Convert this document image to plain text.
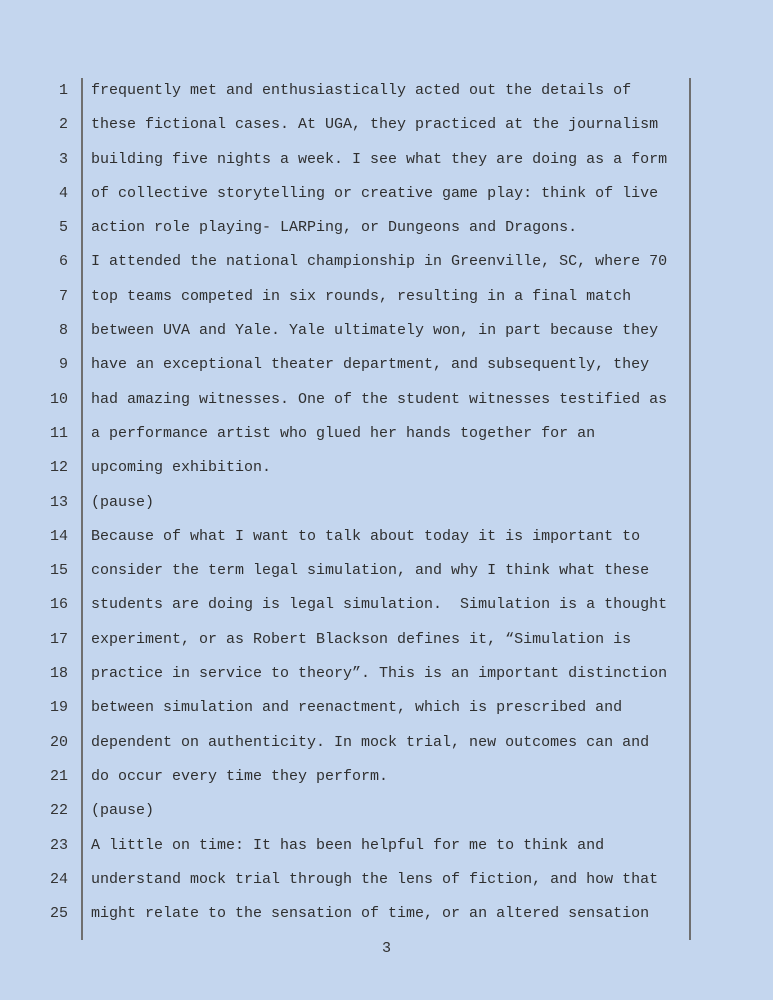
1 frequently met and enthusiastically acted out the details of
2 these fictional cases. At UGA, they practiced at the journalism
3 building five nights a week. I see what they are doing as a form
4 of collective storytelling or creative game play: think of live
5 action role playing- LARPing, or Dungeons and Dragons.
6 I attended the national championship in Greenville, SC, where 70
7 top teams competed in six rounds, resulting in a final match
8 between UVA and Yale. Yale ultimately won, in part because they
9 have an exceptional theater department, and subsequently, they
10 had amazing witnesses. One of the student witnesses testified as
11 a performance artist who glued her hands together for an
12 upcoming exhibition.
13 (pause)
14 Because of what I want to talk about today it is important to
15 consider the term legal simulation, and why I think what these
16 students are doing is legal simulation.  Simulation is a thought
17 experiment, or as Robert Blackson defines it, “Simulation is
18 practice in service to theory”. This is an important distinction
19 between simulation and reenactment, which is prescribed and
20 dependent on authenticity. In mock trial, new outcomes can and
21 do occur every time they perform.
22 (pause)
23 A little on time: It has been helpful for me to think and
24 understand mock trial through the lens of fiction, and how that
25 might relate to the sensation of time, or an altered sensation
3
